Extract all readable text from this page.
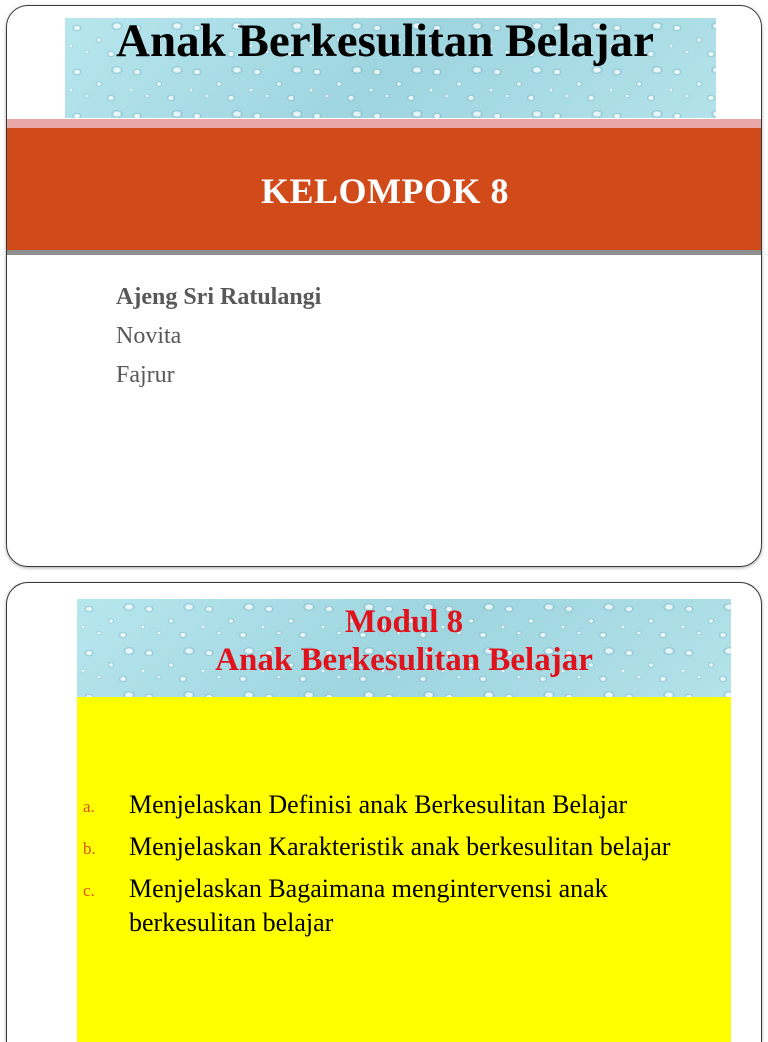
Anak Berkesulitan Belajar
KELOMPOK 8
Ajeng Sri Ratulangi
Novita
Fajrur
Modul 8
Anak Berkesulitan Belajar
a.	Menjelaskan Definisi anak Berkesulitan Belajar
b.	Menjelaskan Karakteristik anak berkesulitan belajar
c.	Menjelaskan Bagaimana mengintervensi anak berkesulitan belajar
